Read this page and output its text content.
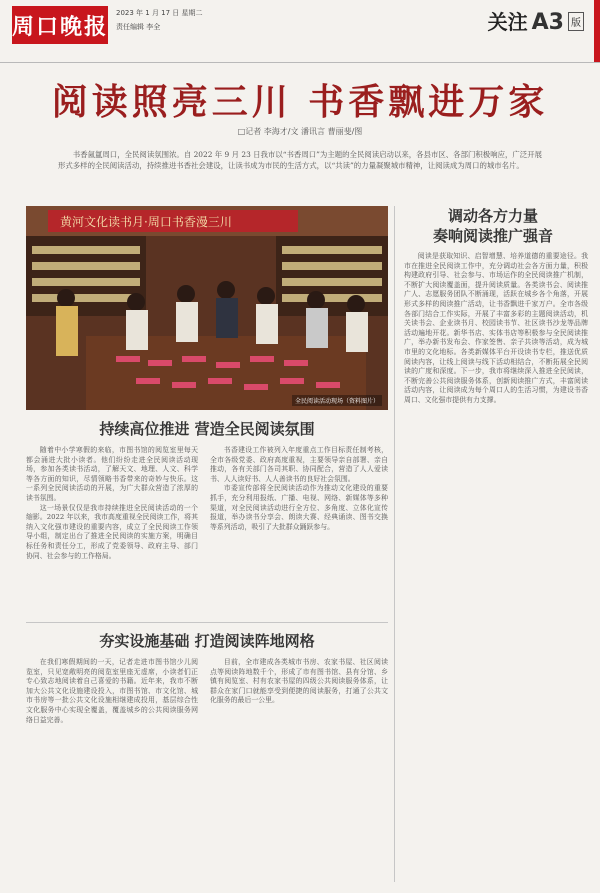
周口晚报
2023 年 1 月 17 日 星期二
责任编辑 李全	关注 A3 版
阅读照亮三川 书香飘进万家
□记者 李海才/文 潘讯言 曹丽斐/图
书香氤氲周口，全民阅读氛围浓。自 2022 年 9 月 23 日我市以“书香周口”为主题的全民阅读启动以来，各县市区、各部门积极响应，广泛开展形式多样的全民阅读活动，持续推进书香社会建设，让读书成为市民的生活方式，以“共读”的力量凝聚城市精神，让阅读成为周口的城市名片。
黄河文化读书月·周口书香漫三川
全民阅读活动现场（资料图片）
持续高位推进 营造全民阅读氛围

随着中小学寒假的来临，市图书馆的阅览室里每天都会涌进大批小读者。他们纷纷走进全民阅读活动现场，参加各类读书活动，了解天文、地理、人文、科学等各方面的知识，尽情领略书香带来的奇妙与快乐。这一系列全民阅读活动的开展，为广大群众营造了浓厚的读书氛围。

这一场景仅仅是我市持续推进全民阅读活动的一个缩影。2022 年以来，我市高度重视全民阅读工作，将其纳入文化强市建设的重要内容，成立了全民阅读工作领导小组，制定出台了推进全民阅读的实施方案，明确目标任务和责任分工，形成了党委领导、政府主导、部门协同、社会参与的工作格局。

书香建设工作被列入年度重点工作目标责任制考核，全市各级党委、政府高度重视，主要领导亲自部署、亲自推动，各有关部门各司其职、协同配合，营造了人人爱读书、人人读好书、人人善读书的良好社会氛围。

市委宣传部将全民阅读活动作为推动文化建设的重要抓手，充分利用报纸、广播、电视、网络、新媒体等多种渠道，对全民阅读活动进行全方位、多角度、立体化宣传报道，举办读书分享会、朗读大赛、经典诵读、图书交换等系列活动，吸引了大批群众踊跃参与。

夯实设施基础 打造阅读阵地网格

在我们寒假期间的一天，记者走进市图书馆少儿阅览室，只见宽敞明亮的阅览室里座无虚席，小读者们正专心致志地阅读着自己喜爱的书籍。近年来，我市不断加大公共文化设施建设投入，市图书馆、市文化馆、城市书房等一批公共文化设施相继建成投用，基层综合性文化服务中心实现全覆盖，覆盖城乡的公共阅读服务网络日益完善。

目前，全市建成各类城市书房、农家书屋、社区阅读点等阅读阵地数千个，形成了市有图书馆、县有分馆、乡镇有阅览室、村有农家书屋的四级公共阅读服务体系，让群众在家门口就能享受到便捷的阅读服务，打通了公共文化服务的最后一公里。

调动各方力量
奏响阅读推广强音

阅读是获取知识、启智增慧、培养道德的重要途径。我市在推进全民阅读工作中，充分调动社会各方面力量，积极构建政府引导、社会参与、市场运作的全民阅读推广机制，不断扩大阅读覆盖面，提升阅读质量。各类读书会、阅读推广人、志愿服务团队不断涌现，活跃在城乡各个角落，开展形式多样的阅读推广活动，让书香飘进千家万户。全市各级各部门结合工作实际，开展了丰富多彩的主题阅读活动，机关读书会、企业读书月、校园读书节、社区读书沙龙等品牌活动遍地开花。新华书店、实体书店等积极参与全民阅读推广，举办新书发布会、作家签售、亲子共读等活动，成为城市里的文化地标。各类新媒体平台开设读书专栏，推送优质阅读内容，让线上阅读与线下活动相结合，不断拓展全民阅读的广度和深度。下一步，我市将继续深入推进全民阅读，不断完善公共阅读服务体系，创新阅读推广方式，丰富阅读活动内容，让阅读成为每个周口人的生活习惯，为建设书香周口、文化强市提供有力支撑。
